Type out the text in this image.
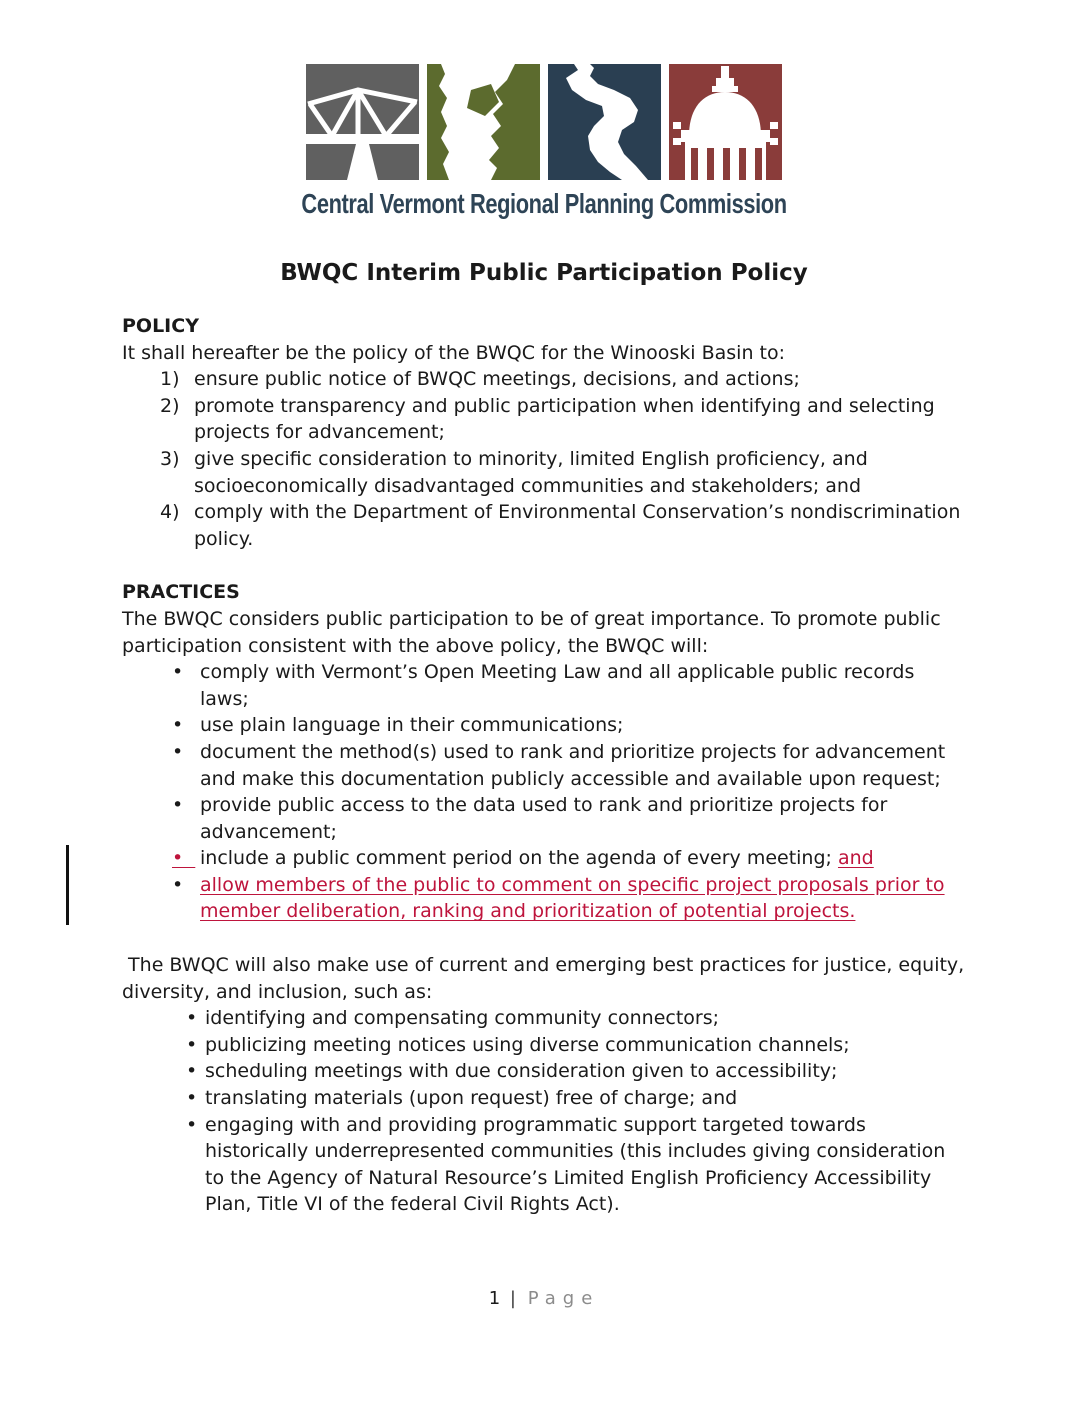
Central Vermont Regional Planning Commission
BWQC Interim Public Participation Policy
POLICY

It shall hereafter be the policy of the BWQC for the Winooski Basin to:

1) ensure public notice of BWQC meetings, decisions, and actions;
2) promote transparency and public participation when identifying and selecting projects for advancement;
3) give specific consideration to minority, limited English proficiency, and socioeconomically disadvantaged communities and stakeholders; and
4) comply with the Department of Environmental Conservation’s nondiscrimination policy.
PRACTICES

The BWQC considers public participation to be of great importance. To promote public participation consistent with the above policy, the BWQC will:

•
comply with Vermont’s Open Meeting Law and all applicable public records laws;
•
use plain language in their communications;
•
document the method(s) used to rank and prioritize projects for advancement and make this documentation publicly accessible and available upon request;
•
provide public access to the data used to rank and prioritize projects for advancement;
•
include a public comment period on the agenda of every meeting; and
•
allow members of the public to comment on specific project proposals prior to member deliberation, ranking and prioritization of potential projects.

The BWQC will also make use of current and emerging best practices for justice, equity, diversity, and inclusion, such as:

•
identifying and compensating community connectors;
•
publicizing meeting notices using diverse communication channels;
•
scheduling meetings with due consideration given to accessibility;
•
translating materials (upon request) free of charge; and
•
engaging with and providing programmatic support targeted towards historically underrepresented communities (this includes giving consideration to the Agency of Natural Resource’s Limited English Proficiency Accessibility Plan, Title VI of the federal Civil Rights Act).
1 | Page
